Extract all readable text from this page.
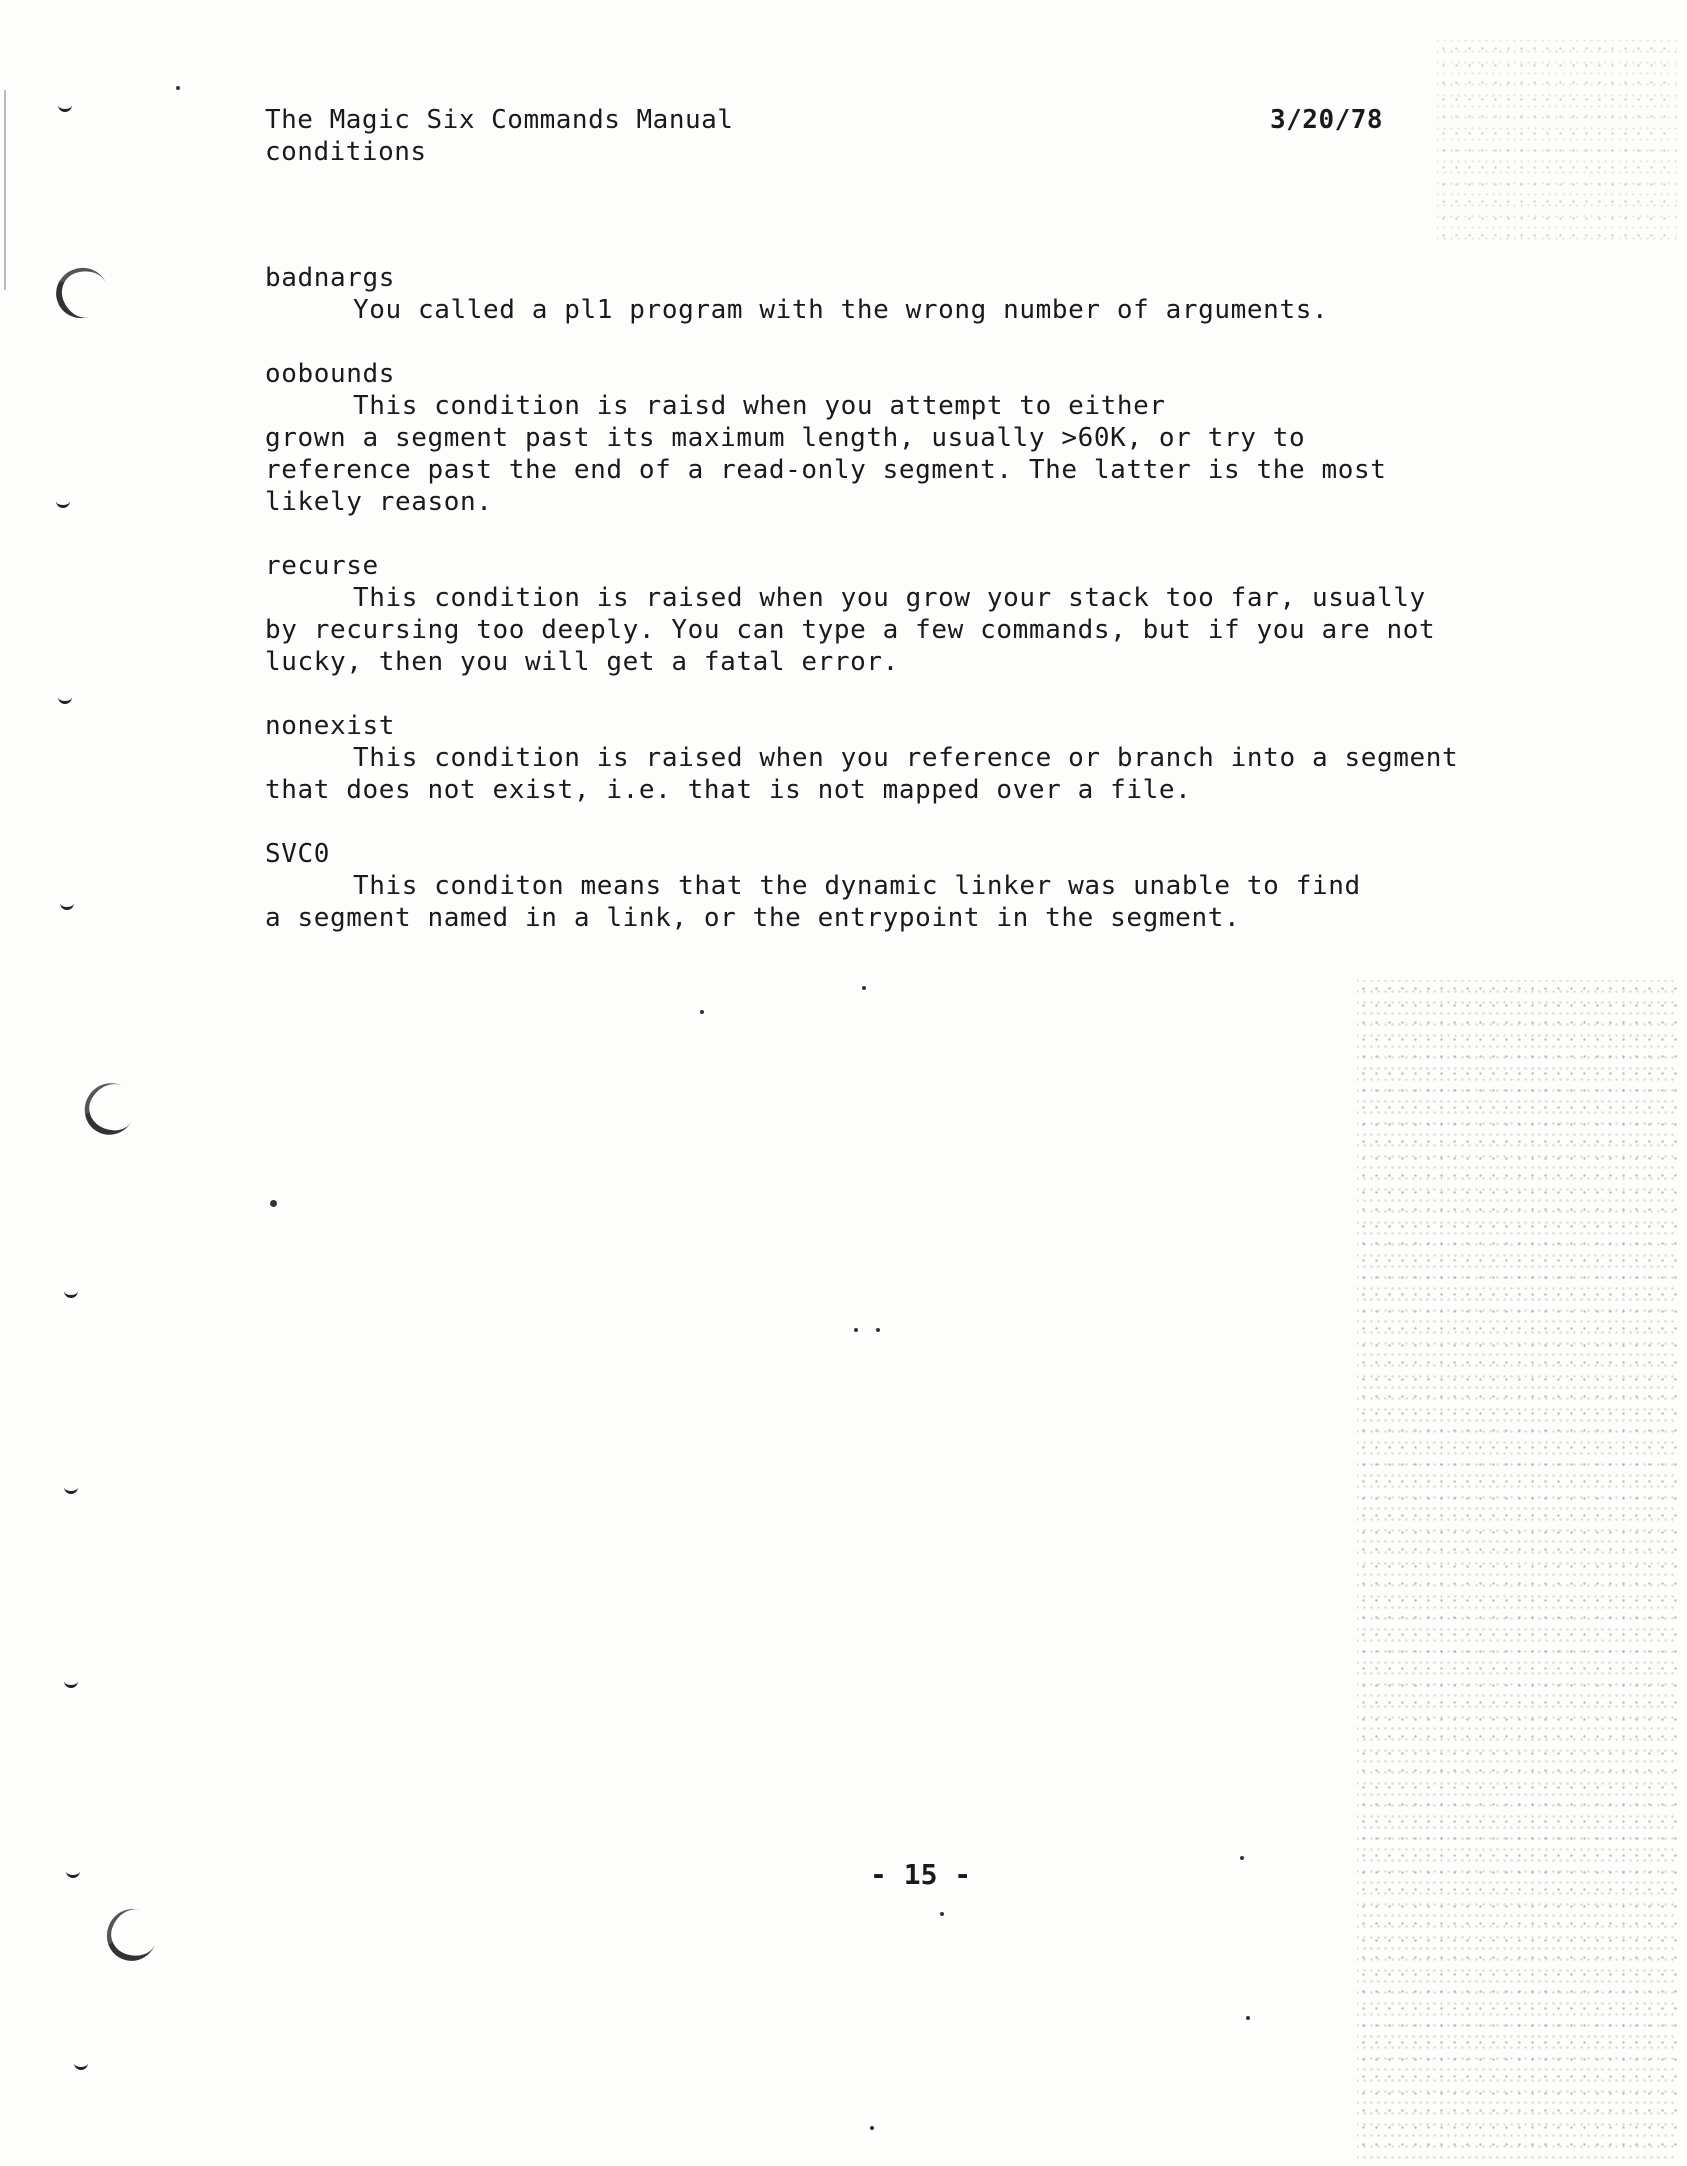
The Magic Six Commands Manual
conditions
3/20/78
badnargs
You called a pl1 program with the wrong number of arguments.
oobounds
This condition is raisd when you attempt to either
grown a segment past its maximum length, usually >60K, or try to
reference past the end of a read-only segment. The latter is the most
likely reason.
recurse
This condition is raised when you grow your stack too far, usually
by recursing too deeply. You can type a few commands, but if you are not
lucky, then you will get a fatal error.
nonexist
This condition is raised when you reference or branch into a segment
that does not exist, i.e. that is not mapped over a file.
SVC0
This conditon means that the dynamic linker was unable to find
a segment named in a link, or the entrypoint in the segment.
- 15 -
